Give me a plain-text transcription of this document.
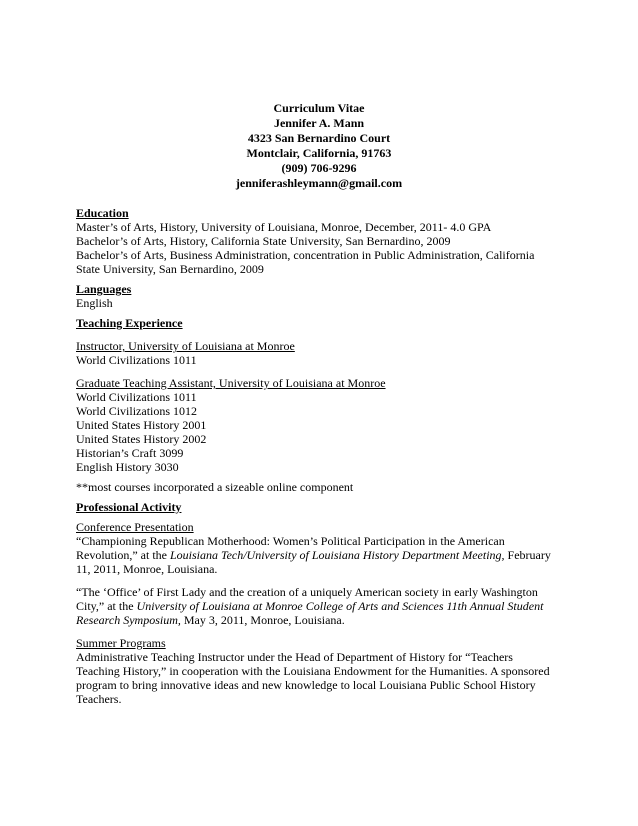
Curriculum Vitae
Jennifer A. Mann
4323 San Bernardino Court
Montclair, California, 91763
(909) 706-9296
jenniferashleymann@gmail.com
Education
Master’s of Arts, History, University of Louisiana, Monroe, December, 2011- 4.0 GPA
Bachelor’s of Arts, History, California State University, San Bernardino, 2009
Bachelor’s of Arts, Business Administration, concentration in Public Administration, California State University, San Bernardino, 2009
Languages
English
Teaching Experience
Instructor, University of Louisiana at Monroe
World Civilizations 1011
Graduate Teaching Assistant, University of Louisiana at Monroe
World Civilizations 1011
World Civilizations 1012
United States History 2001
United States History 2002
Historian’s Craft 3099
English History 3030
**most courses incorporated a sizeable online component
Professional Activity
Conference Presentation
“Championing Republican Motherhood: Women’s Political Participation in the American Revolution,” at the Louisiana Tech/University of Louisiana History Department Meeting, February 11, 2011, Monroe, Louisiana.
“The ‘Office’ of First Lady and the creation of a uniquely American society in early Washington City,” at the University of Louisiana at Monroe College of Arts and Sciences 11th Annual Student Research Symposium, May 3, 2011, Monroe, Louisiana.
Summer Programs
Administrative Teaching Instructor under the Head of Department of History for “Teachers Teaching History,” in cooperation with the Louisiana Endowment for the Humanities. A sponsored program to bring innovative ideas and new knowledge to local Louisiana Public School History Teachers.
